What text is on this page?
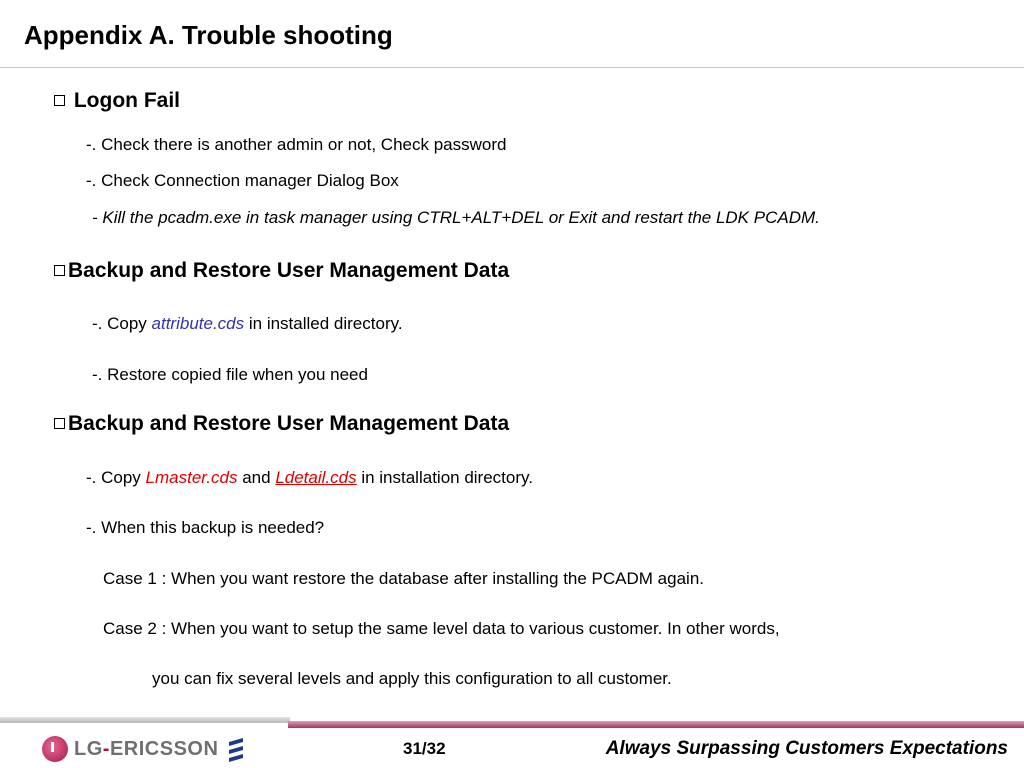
Appendix A. Trouble shooting
Logon Fail
-. Check there is another admin or not, Check password
-. Check Connection manager Dialog Box
- Kill the pcadm.exe in task manager using CTRL+ALT+DEL or Exit and restart the LDK PCADM.
Backup and Restore User Management Data
-. Copy attribute.cds in installed directory.
-. Restore copied file when you need
Backup and Restore User Management Data
-. Copy Lmaster.cds and Ldetail.cds in installation directory.
-. When this backup is needed?
Case 1 : When you want restore the database after installing the PCADM again.
Case 2 : When you want to setup the same level data to various customer. In other words,
you can fix several levels and apply this configuration to all customer.
LG-ERICSSON	31/32	Always Surpassing Customers Expectations
